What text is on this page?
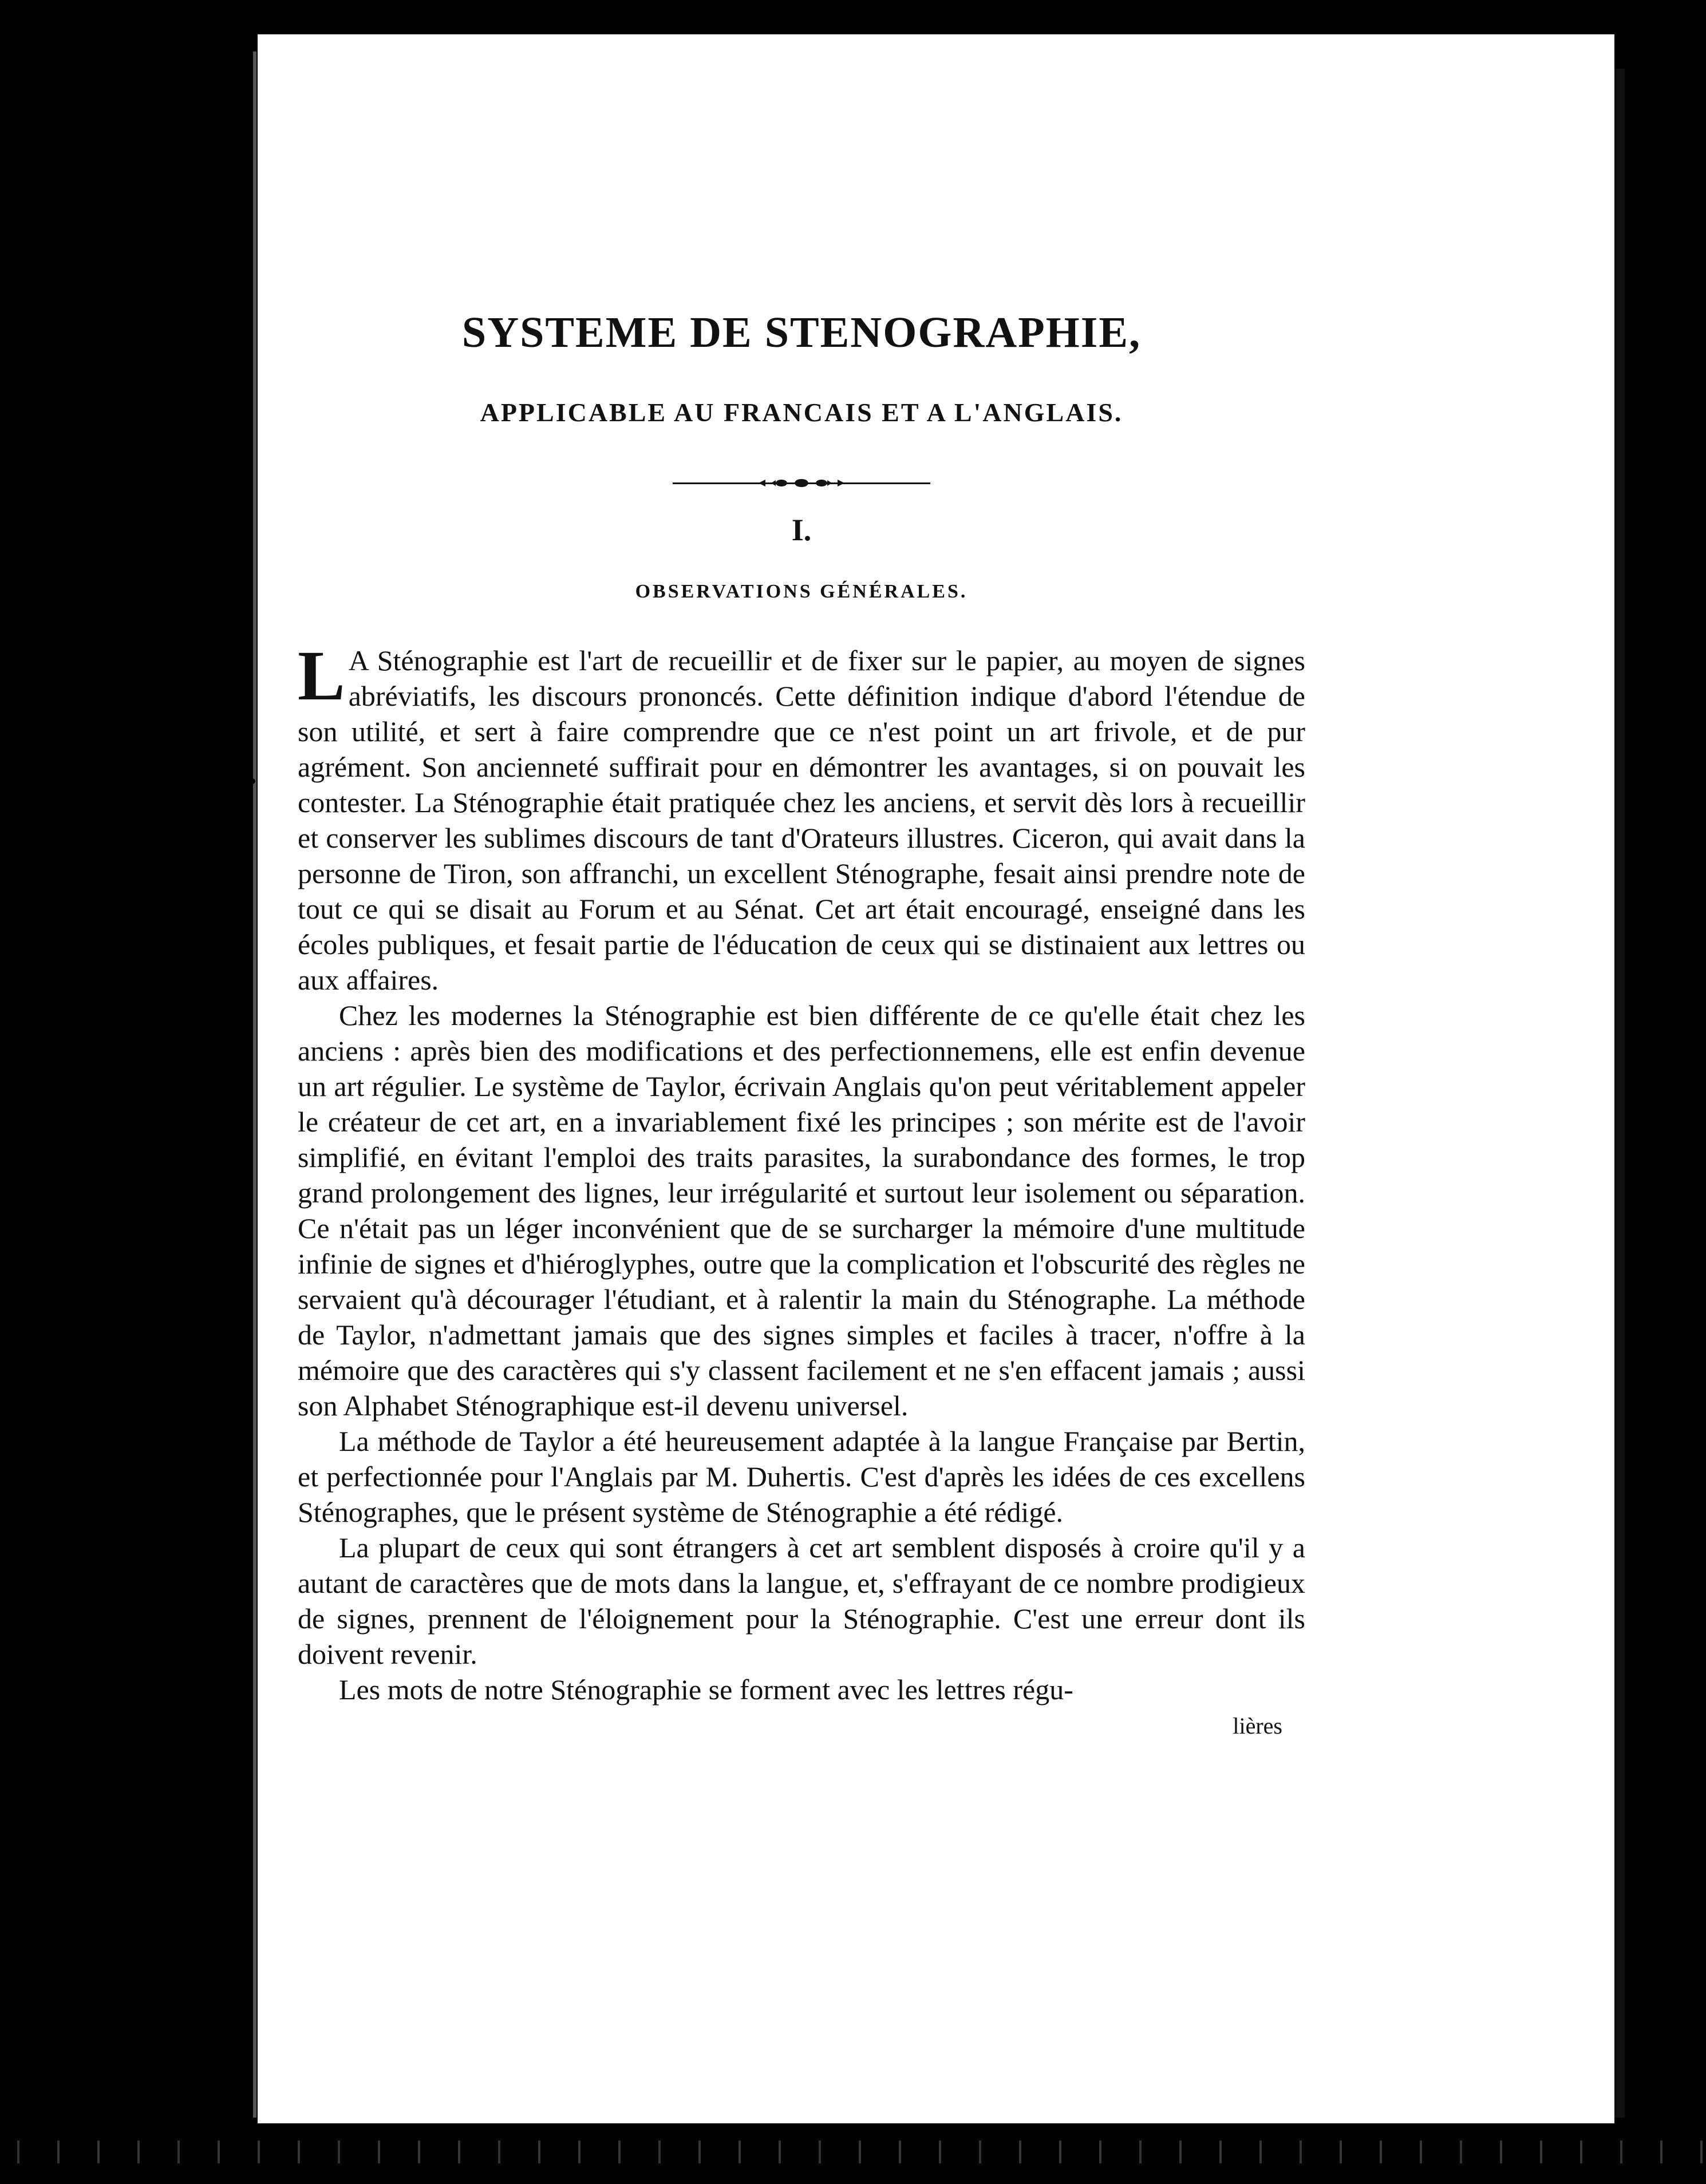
SYSTEME DE STENOGRAPHIE,
APPLICABLE AU FRANCAIS ET A L'ANGLAIS.
I.
OBSERVATIONS GÉNÉRALES.

L A Sténographie est l'art de recueillir et de fixer sur le papier, au moyen de signes abréviatifs, les discours prononcés. Cette définition indique d'abord l'étendue de son utilité, et sert à faire comprendre que ce n'est point un art frivole, et de pur agrément. Son ancienneté suffirait pour en démontrer les avantages, si on pouvait les contester. La Sténographie était pratiquée chez les anciens, et servit dès lors à recueillir et conserver les sublimes discours de tant d'Orateurs illustres. Ciceron, qui avait dans la personne de Tiron, son affranchi, un excellent Sténographe, fesait ainsi prendre note de tout ce qui se disait au Forum et au Sénat. Cet art était encouragé, enseigné dans les écoles publiques, et fesait partie de l'éducation de ceux qui se distinaient aux lettres ou aux affaires.

Chez les modernes la Sténographie est bien différente de ce qu'elle était chez les anciens : après bien des modifications et des perfectionnemens, elle est enfin devenue un art régulier. Le système de Taylor, écrivain Anglais qu'on peut véritablement appeler le créateur de cet art, en a invariablement fixé les principes ; son mérite est de l'avoir simplifié, en évitant l'emploi des traits parasites, la surabondance des formes, le trop grand prolongement des lignes, leur irrégularité et surtout leur isolement ou séparation. Ce n'était pas un léger inconvénient que de se surcharger la mémoire d'une multitude infinie de signes et d'hiéroglyphes, outre que la complication et l'obscurité des règles ne servaient qu'à décourager l'étudiant, et à ralentir la main du Sténographe. La méthode de Taylor, n'admettant jamais que des signes simples et faciles à tracer, n'offre à la mémoire que des caractères qui s'y classent facilement et ne s'en effacent jamais ; aussi son Alphabet Sténographique est-il devenu universel.

La méthode de Taylor a été heureusement adaptée à la langue Française par Bertin, et perfectionnée pour l'Anglais par M. Duhertis. C'est d'après les idées de ces excellens Sténographes, que le présent système de Sténographie a été rédigé.

La plupart de ceux qui sont étrangers à cet art semblent disposés à croire qu'il y a autant de caractères que de mots dans la langue, et, s'effrayant de ce nombre prodigieux de signes, prennent de l'éloignement pour la Sténographie. C'est une erreur dont ils doivent revenir.

Les mots de notre Sténographie se forment avec les lettres régu-

lières
